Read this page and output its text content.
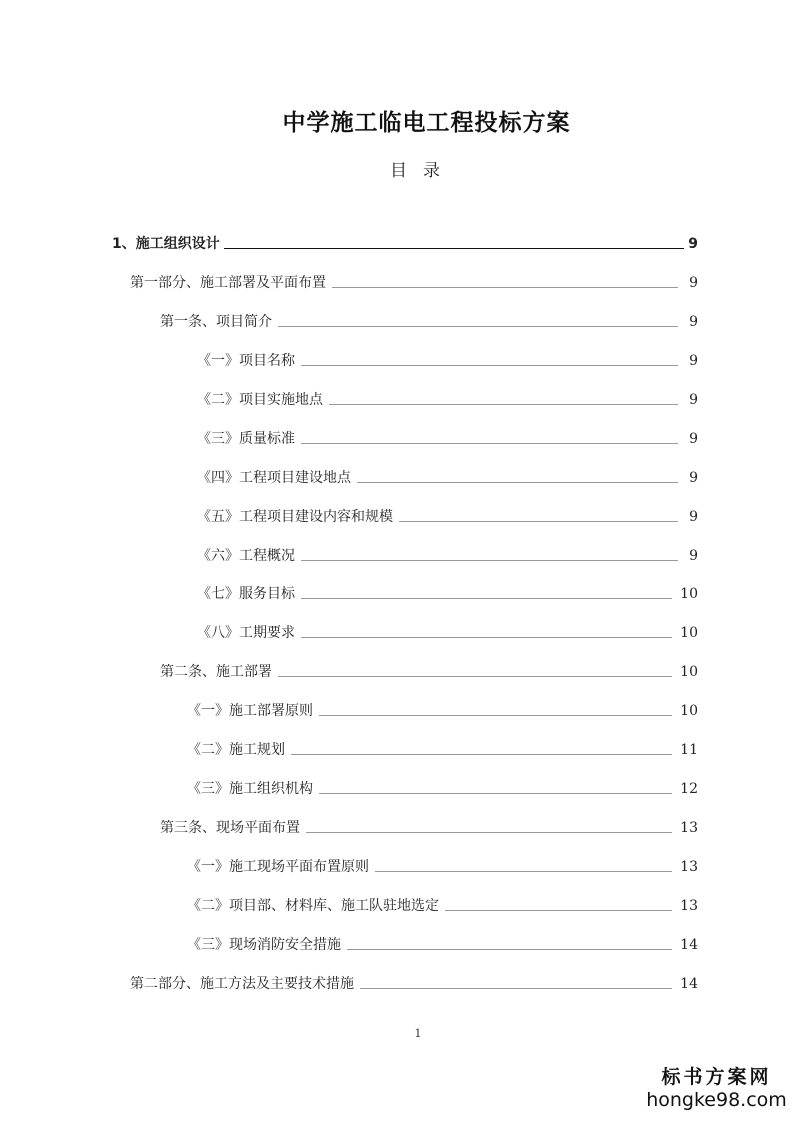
中学施工临电工程投标方案
目录
1、施工组织设计	9
第一部分、施工部署及平面布置	9
第一条、项目简介	9
《一》项目名称	9
《二》项目实施地点	9
《三》质量标准	9
《四》工程项目建设地点	9
《五》工程项目建设内容和规模	9
《六》工程概况	9
《七》服务目标	10
《八》工期要求	10
第二条、施工部署	10
《一》施工部署原则	10
《二》施工规划	11
《三》施工组织机构	12
第三条、现场平面布置	13
《一》施工现场平面布置原则	13
《二》项目部、材料库、施工队驻地选定	13
《三》现场消防安全措施	14
第二部分、施工方法及主要技术措施	14
1
标书方案网
hongke98.com
